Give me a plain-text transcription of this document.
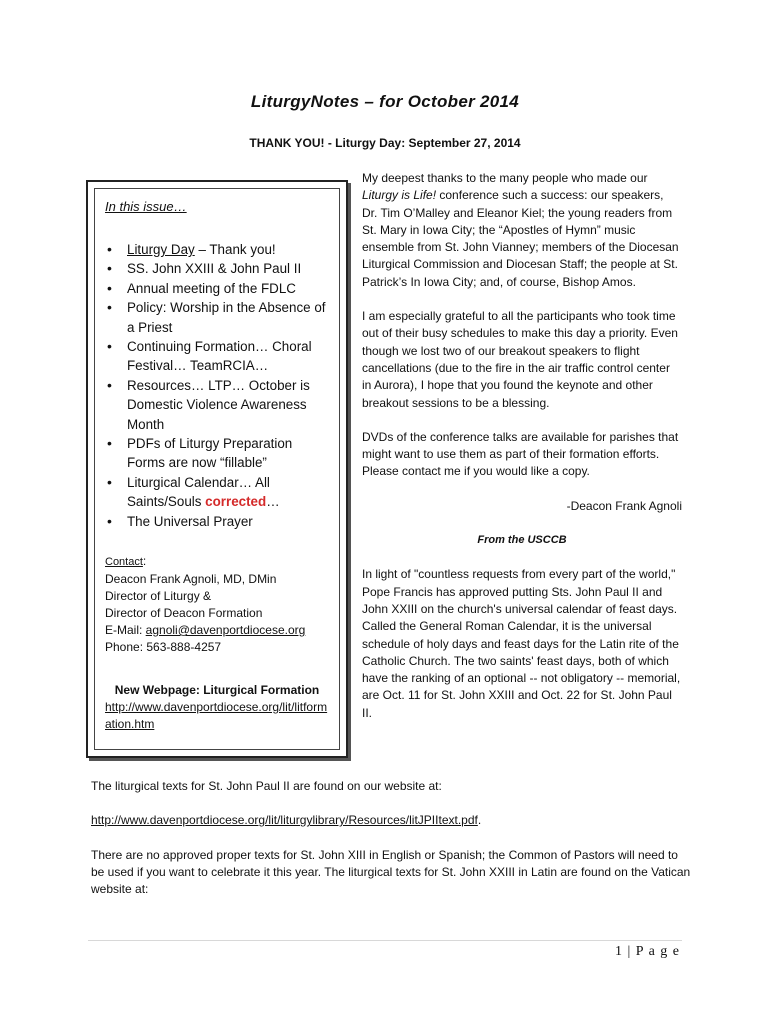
LiturgyNotes – for October 2014
THANK YOU! - Liturgy Day: September 27, 2014
In this issue…
• Liturgy Day – Thank you!
• SS. John XXIII & John Paul II
• Annual meeting of the FDLC
• Policy: Worship in the Absence of a Priest
• Continuing Formation… Choral Festival… TeamRCIA…
• Resources… LTP… October is Domestic Violence Awareness Month
• PDFs of Liturgy Preparation Forms are now “fillable”
• Liturgical Calendar… All Saints/Souls corrected…
• The Universal Prayer
Contact:
Deacon Frank Agnoli, MD, DMin
Director of Liturgy &
Director of Deacon Formation
E-Mail: agnoli@davenportdiocese.org
Phone: 563-888-4257
New Webpage: Liturgical Formation
http://www.davenportdiocese.org/lit/litformation.htm

My deepest thanks to the many people who made our Liturgy is Life! conference such a success: our speakers, Dr. Tim O’Malley and Eleanor Kiel; the young readers from St. Mary in Iowa City; the “Apostles of Hymn” music ensemble from St. John Vianney; members of the Diocesan Liturgical Commission and Diocesan Staff; the people at St. Patrick’s In Iowa City; and, of course, Bishop Amos.

I am especially grateful to all the participants who took time out of their busy schedules to make this day a priority. Even though we lost two of our breakout speakers to flight cancellations (due to the fire in the air traffic control center in Aurora), I hope that you found the keynote and other breakout sessions to be a blessing.

DVDs of the conference talks are available for parishes that might want to use them as part of their formation efforts. Please contact me if you would like a copy.

-Deacon Frank Agnoli

From the USCCB

In light of "countless requests from every part of the world," Pope Francis has approved putting Sts. John Paul II and John XXIII on the church's universal calendar of feast days. Called the General Roman Calendar, it is the universal schedule of holy days and feast days for the Latin rite of the Catholic Church. The two saints' feast days, both of which have the ranking of an optional -- not obligatory -- memorial, are Oct. 11 for St. John XXIII and Oct. 22 for St. John Paul II.

The liturgical texts for St. John Paul II are found on our website at:

http://www.davenportdiocese.org/lit/liturgylibrary/Resources/litJPIItext.pdf.

There are no approved proper texts for St. John XIII in English or Spanish; the Common of Pastors will need to be used if you want to celebrate it this year. The liturgical texts for St. John XXIII in Latin are found on the Vatican website at:

1 | P a g e
